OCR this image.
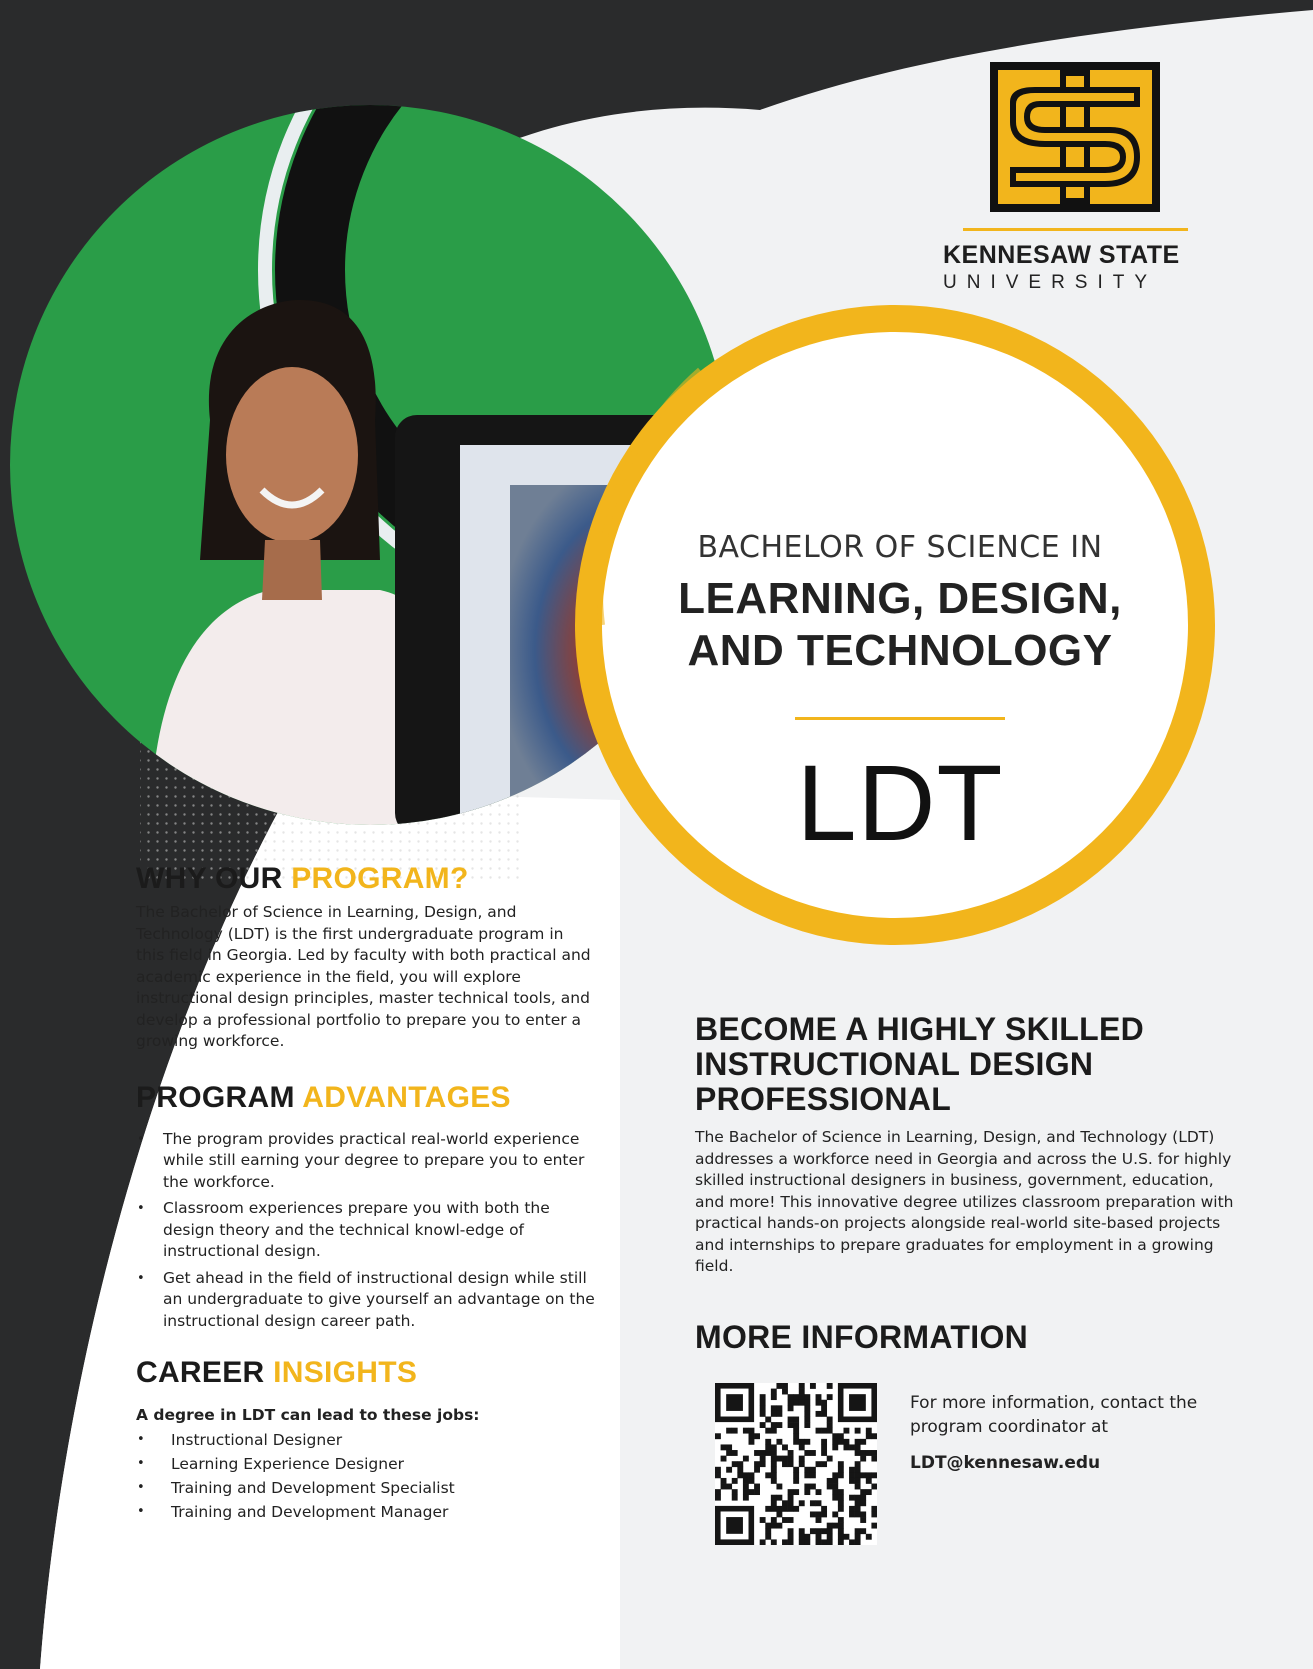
KENNESAW STATE
UNIVERSITY
BACHELOR OF SCIENCE IN
LEARNING, DESIGN,
AND TECHNOLOGY
LDT
WHY OUR PROGRAM?

The Bachelor of Science in Learning, Design, and Technology (LDT) is the first undergraduate program in this field in Georgia. Led by faculty with both practical and academic experience in the field, you will explore instructional design principles, master technical tools, and develop a professional portfolio to prepare you to enter a growing workforce.

PROGRAM ADVANTAGES
• The program provides practical real-world experience while still earning your degree to prepare you to enter the workforce.
• Classroom experiences prepare you with both the design theory and the technical knowl-edge of instructional design.
• Get ahead in the field of instructional design while still an undergraduate to give yourself an advantage on the instructional design career path.
CAREER INSIGHTS
A degree in LDT can lead to these jobs:
• Instructional Designer
• Learning Experience Designer
• Training and Development Specialist
• Training and Development Manager
BECOME A HIGHLY SKILLED INSTRUCTIONAL DESIGN PROFESSIONAL

The Bachelor of Science in Learning, Design, and Technology (LDT) addresses a workforce need in Georgia and across the U.S. for highly skilled instructional designers in business, government, education, and more! This innovative degree utilizes classroom preparation with practical hands-on projects alongside real-world site-based projects and internships to prepare graduates for employment in a growing field.

MORE INFORMATION
For more information, contact the program coordinator at
LDT@kennesaw.edu
